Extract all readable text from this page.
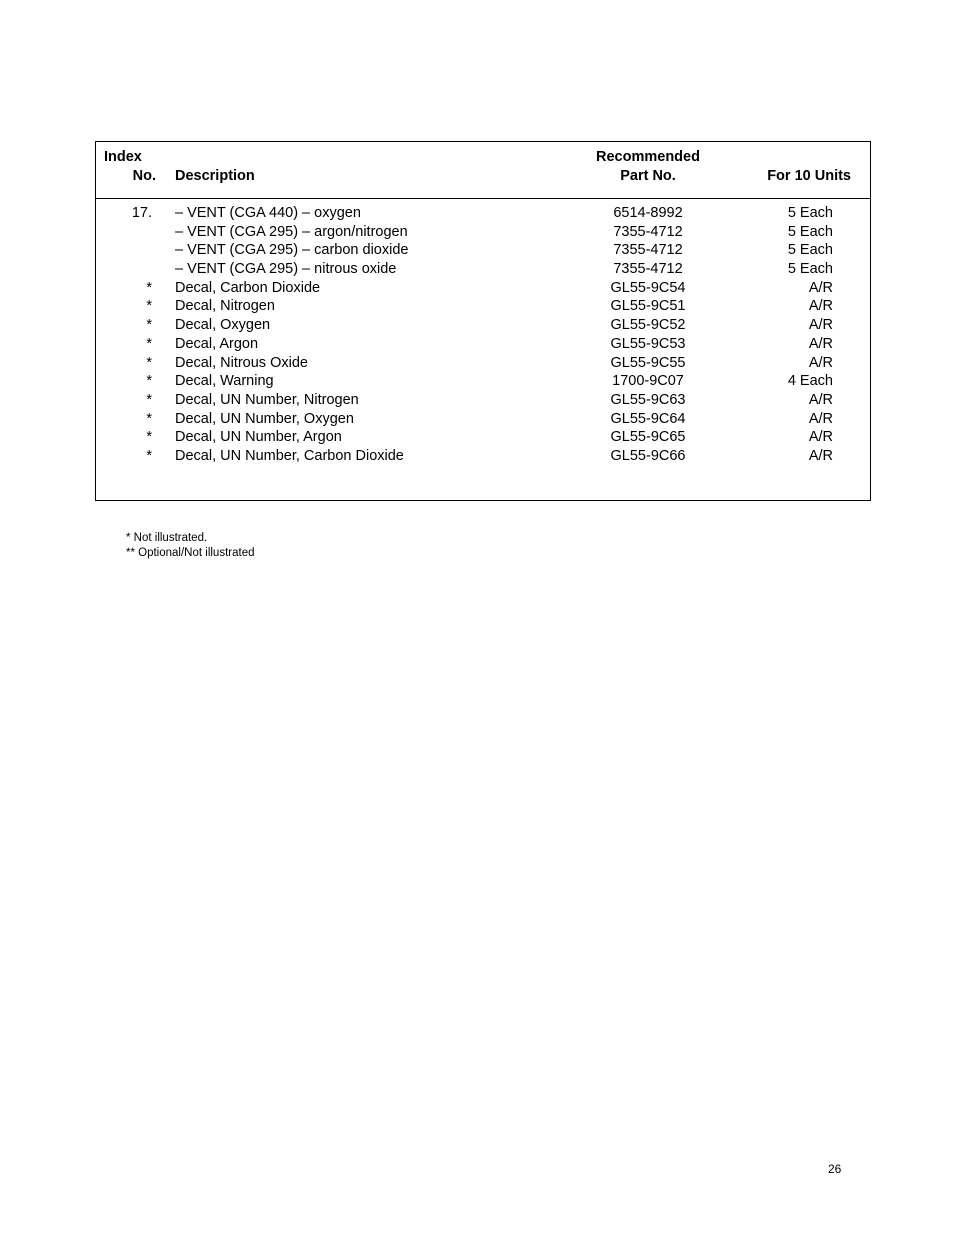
Index
No. Description
Recommended
Part No.	For 10 Units
17. – VENT (CGA 440) – oxygen	6514-8992	5 Each
– VENT (CGA 295) – argon/nitrogen	7355-4712	5 Each
– VENT (CGA 295) – carbon dioxide	7355-4712	5 Each
– VENT (CGA 295) – nitrous oxide	7355-4712	5 Each
* Decal, Carbon Dioxide	GL55-9C54	A/R
* Decal, Nitrogen	GL55-9C51	A/R
* Decal, Oxygen	GL55-9C52	A/R
* Decal, Argon	GL55-9C53	A/R
* Decal, Nitrous Oxide	GL55-9C55	A/R
* Decal, Warning	1700-9C07	4 Each
* Decal, UN Number, Nitrogen	GL55-9C63	A/R
* Decal, UN Number, Oxygen	GL55-9C64	A/R
* Decal, UN Number, Argon	GL55-9C65	A/R
* Decal, UN Number, Carbon Dioxide	GL55-9C66	A/R
* Not illustrated.
** Optional/Not illustrated
26
